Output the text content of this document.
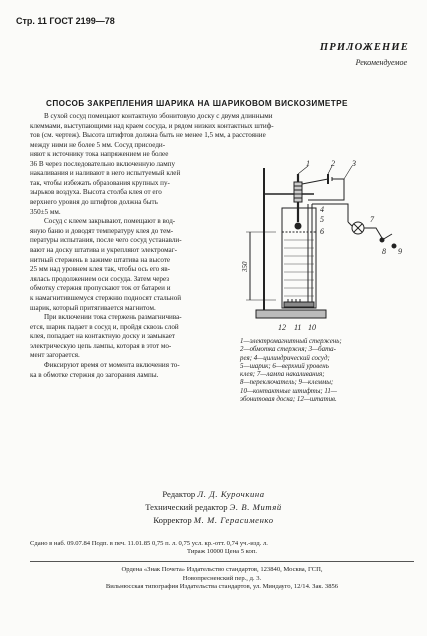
Стр. 11 ГОСТ 2199—78
ПРИЛОЖЕНИЕ
Рекомендуемое
СПОСОБ ЗАКРЕПЛЕНИЯ ШАРИКА НА ШАРИКОВОМ ВИСКОЗИМЕТРЕ

В сухой сосуд помещают контактную эбонитовую доску с двумя длинными

клеммами, выступающими над краем сосуда, и рядом низких контактных штиф-

тов (см. чертеж). Высота штифтов должна быть не менее 1,5 мм, а расстояние

между ними не более 5 мм. Сосуд присоеди-

няют к источнику тока напряжением не более

36 В через последовательно включенную лампу

накаливания и наливают в него испытуемый клей

так, чтобы избежать образования крупных пу-

зырьков воздуха. Высота столба клея от его

верхнего уровня до штифтов должна быть

350±5 мм.

Сосуд с клеем закрывают, помещают в вод-

яную баню и доводят температуру клея до тем-

пературы испытания, после чего сосуд устанавли-

вают на доску штатива и укрепляют электромаг-

нитный стержень в зажиме штатива на высоте

25 мм над уровнем клея так, чтобы ось его яв-

лялась продолжением оси сосуда. Затем через

обмотку стержня пропускают ток от батареи и

к намагнитившемуся стержню подносят стальной

шарик, который притягивается магнитом.

При включении тока стержень размагничива-

ется, шарик падает в сосуд и, пройдя сквозь слой

клея, попадает на контактную доску и замыкает

электрическую цепь лампы, которая в этот мо-

мент загорается.

Фиксируют время от момента включения то-

ка в обмотке стержня до загорания лампы.

1	2 3
4
5
6
7
8 9
12 11 10
350
1—электромагнитный стержень;
2—обмотка стержня; 3—бата-
рея; 4—цилиндрический сосуд;
5—шарик; 6—верхний уровень
клея; 7—лампа накаливания;
8—переключатель; 9—клеммы;
10—контактные штифты; 11—
эбонитовая доска; 12—штатив.
Редактор Л. Д. Курочкина
Технический редактор Э. В. Митяй
Корректор М. М. Герасименко
Сдано в наб. 09.07.84 Подп. в печ. 11.01.85 0,75 п. л. 0,75 усл. кр.-отт. 0,74 уч.-изд. л.
Тираж 10000 Цена 5 коп.
Ордена «Знак Почета» Издательство стандартов, 123840, Москва, ГСП,
Новопресненский пер., д. 3.
Вильнюсская типография Издательства стандартов, ул. Миндауго, 12/14. Зак. 3856
